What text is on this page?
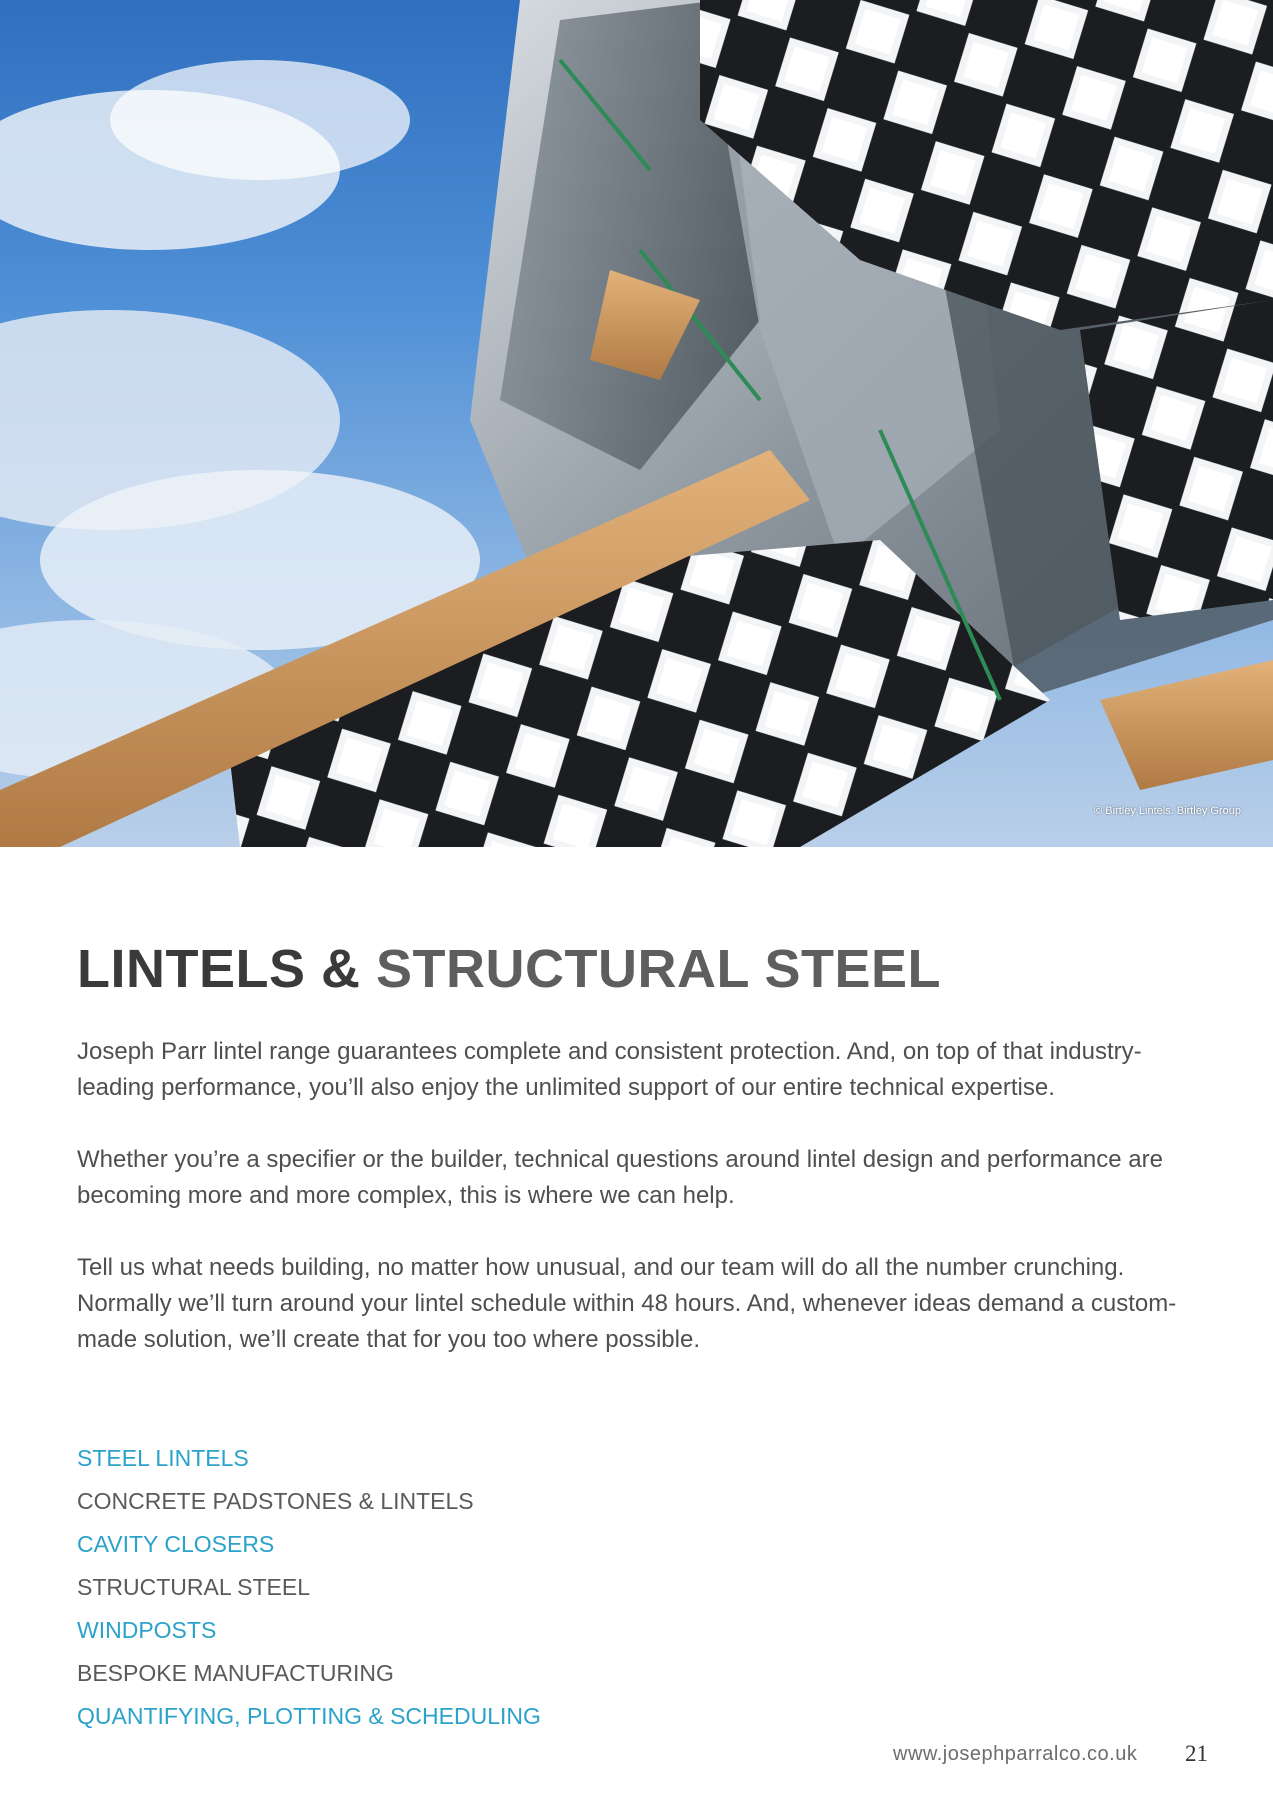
© Birtley Lintels. Birtley Group
LINTELS & STRUCTURAL STEEL

Joseph Parr lintel range guarantees complete and consistent protection. And, on top of that industry-leading performance, you’ll also enjoy the unlimited support of our entire technical expertise.

Whether you’re a specifier or the builder, technical questions around lintel design and performance are becoming more and more complex, this is where we can help.

Tell us what needs building, no matter how unusual, and our team will do all the number crunching. Normally we’ll turn around your lintel schedule within 48 hours. And, whenever ideas demand a custom-made solution, we’ll create that for you too where possible.

STEEL LINTELS
CONCRETE PADSTONES & LINTELS
CAVITY CLOSERS
STRUCTURAL STEEL
WINDPOSTS
BESPOKE MANUFACTURING
QUANTIFYING, PLOTTING & SCHEDULING
www.josephparralco.co.uk 21
